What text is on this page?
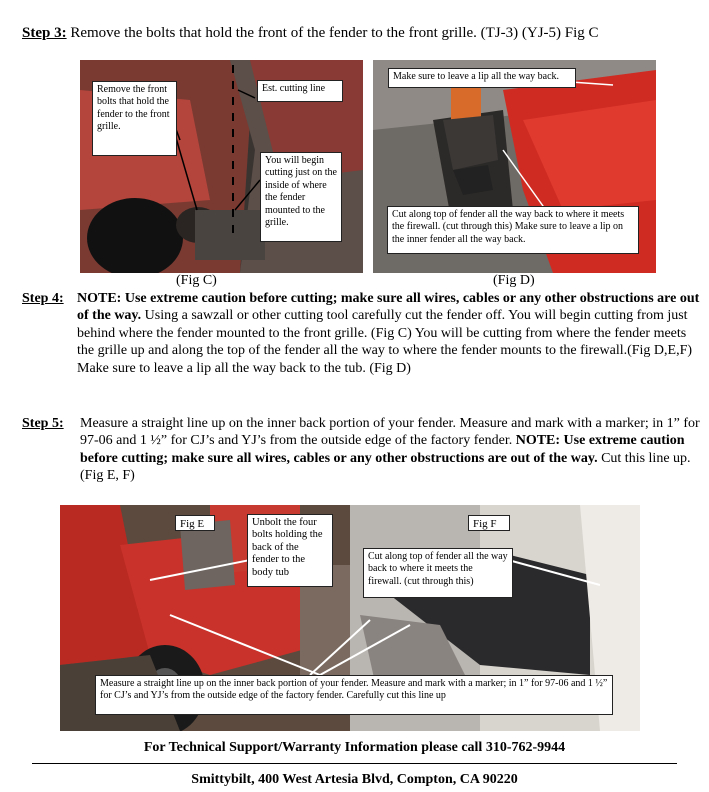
Step 3: Remove the bolts that hold the front of the fender to the front grille. (TJ-3) (YJ-5) Fig C
Remove the front bolts that hold the fender to the front grille.
Est. cutting line
You will begin cutting just on the inside of where the fender mounted to the grille.
(Fig C)
Make sure to leave a lip all the way back.
Cut along top of fender all the way back to where it meets the firewall. (cut through this) Make sure to leave a lip on the inner fender all the way back.
(Fig D)
Step 4: NOTE: Use extreme caution before cutting; make sure all wires, cables or any other obstructions are out of the way. Using a sawzall or other cutting tool carefully cut the fender off. You will begin cutting from just behind where the fender mounted to the front grille. (Fig C) You will be cutting from where the fender meets the grille up and along the top of the fender all the way to where the fender mounts to the firewall.(Fig D,E,F) Make sure to leave a lip all the way back to the tub. (Fig D)
Step 5: Measure a straight line up on the inner back portion of your fender. Measure and mark with a marker; in 1” for 97-06 and 1 ½” for CJ’s and YJ’s from the outside edge of the factory fender. NOTE: Use extreme caution before cutting; make sure all wires, cables or any other obstructions are out of the way. Cut this line up. (Fig E, F)
Fig E	Unbolt the four bolts holding the back of the fender to the body tub
Fig F
Cut along top of fender all the way back to where it meets the firewall. (cut through this)
Measure a straight line up on the inner back portion of your fender. Measure and mark with a marker; in 1” for 97-06 and 1 ½” for CJ’s and YJ’s from the outside edge of the factory fender. Carefully cut this line up
For Technical Support/Warranty Information please call 310-762-9944
Smittybilt, 400 West Artesia Blvd, Compton, CA 90220
